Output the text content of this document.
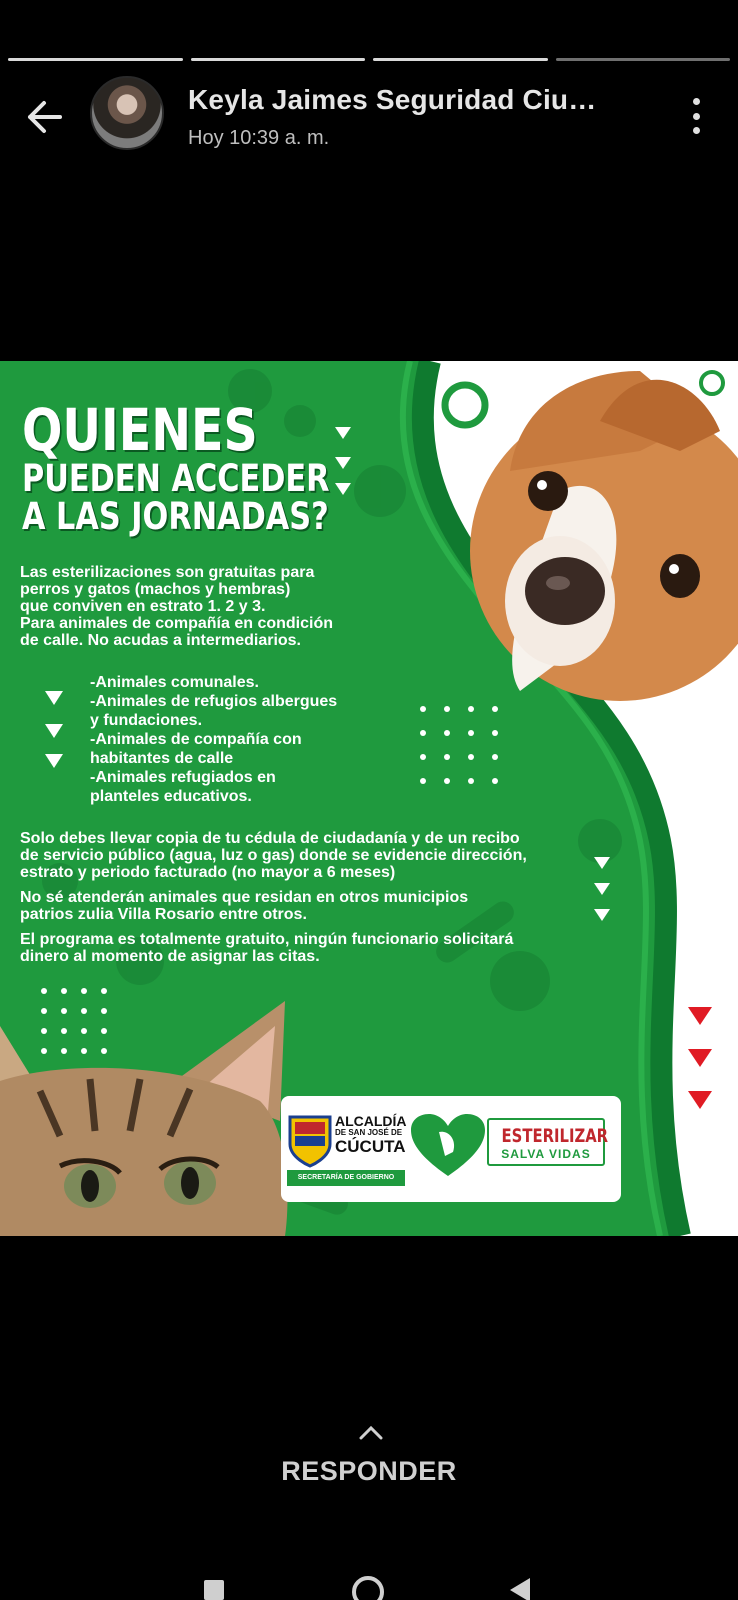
Keyla Jaimes Seguridad Ciu…
Hoy 10:39 a. m.
QUIENES
PUEDEN ACCEDER
A LAS JORNADAS?

Las esterilizaciones son gratuitas para

perros y gatos (machos y hembras)

que conviven en estrato 1. 2 y 3.

Para animales de compañía en condición

de calle. No acudas a intermediarios.

-Animales comunales.
-Animales de refugios albergues
y fundaciones.
-Animales de compañía con
habitantes de calle
-Animales refugiados en
planteles educativos.

Solo debes llevar copia de tu cédula de ciudadanía y de un recibo
de servicio público (agua, luz o gas) donde se evidencie dirección,
estrato y periodo facturado (no mayor a 6 meses)

No sé atenderán animales que residan en otros municipios
patrios zulia Villa Rosario entre otros.

El programa es totalmente gratuito, ningún funcionario solicitará
dinero al momento de asignar las citas.

ALCALDÍA
DE SAN JOSÉ DE
CÚCUTA
SECRETARÍA DE GOBIERNO
ESTERILIZAR
SALVA VIDAS
RESPONDER
